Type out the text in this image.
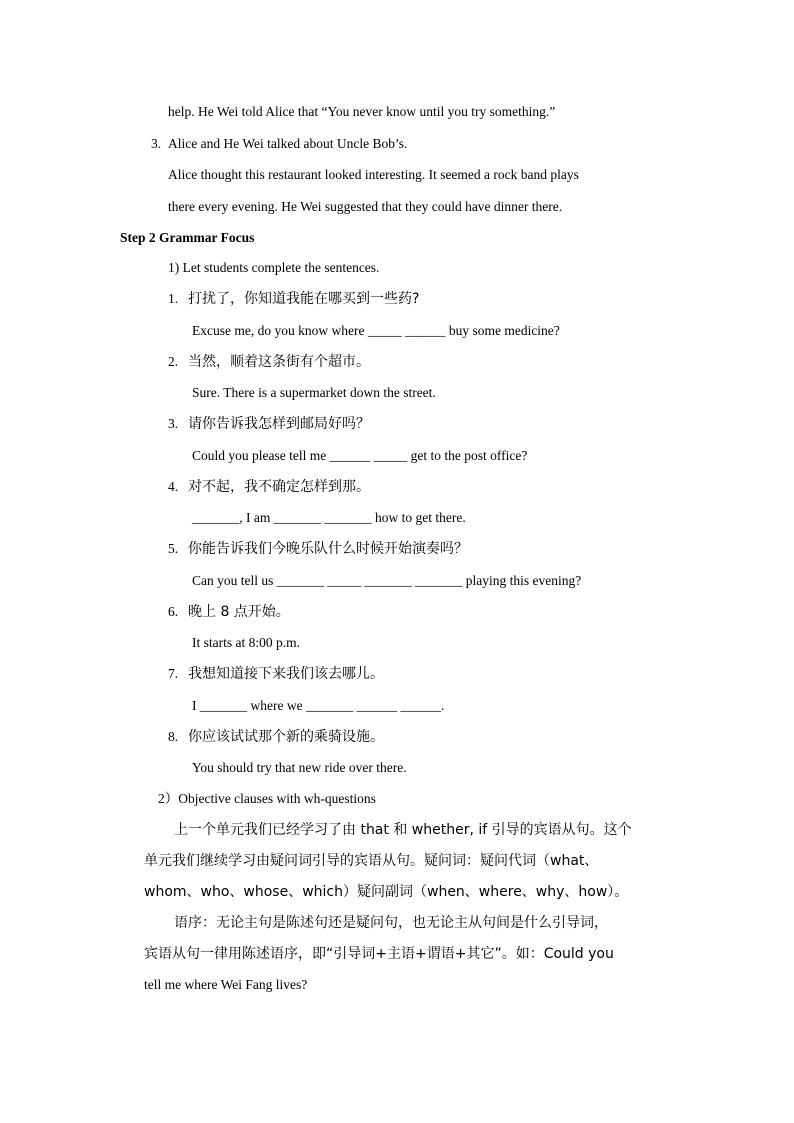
help. He Wei told Alice that “You never know until you try something.”
3. Alice and He Wei talked about Uncle Bob’s.
Alice thought this restaurant looked interesting. It seemed a rock band plays
there every evening. He Wei suggested that they could have dinner there.
Step 2 Grammar Focus
1) Let students complete the sentences.
1. 打扰了，你知道我能在哪买到一些药?
Excuse me, do you know where _____ ______ buy some medicine?
2. 当然，顺着这条街有个超市。
Sure. There is a supermarket down the street.
3. 请你告诉我怎样到邮局好吗？
Could you please tell me ______ _____ get to the post office?
4. 对不起，我不确定怎样到那。
_______, I am _______ _______ how to get there.
5. 你能告诉我们今晚乐队什么时候开始演奏吗？
Can you tell us _______ _____ _______ _______ playing this evening?
6. 晚上 8 点开始。
It starts at 8:00 p.m.
7. 我想知道接下来我们该去哪儿。
I _______ where we _______ ______ ______.
8. 你应该试试那个新的乘骑设施。
You should try that new ride over there.
2）Objective clauses with wh-questions
上一个单元我们已经学习了由 that 和 whether, if 引导的宾语从句。这个
单元我们继续学习由疑问词引导的宾语从句。疑问词：疑问代词（what、
whom、who、whose、which）疑问副词（when、where、why、how）。
语序：无论主句是陈述句还是疑问句，也无论主从句间是什么引导词，
宾语从句一律用陈述语序，即“引导词+主语+谓语+其它”。如：Could you
tell me where Wei Fang lives?
